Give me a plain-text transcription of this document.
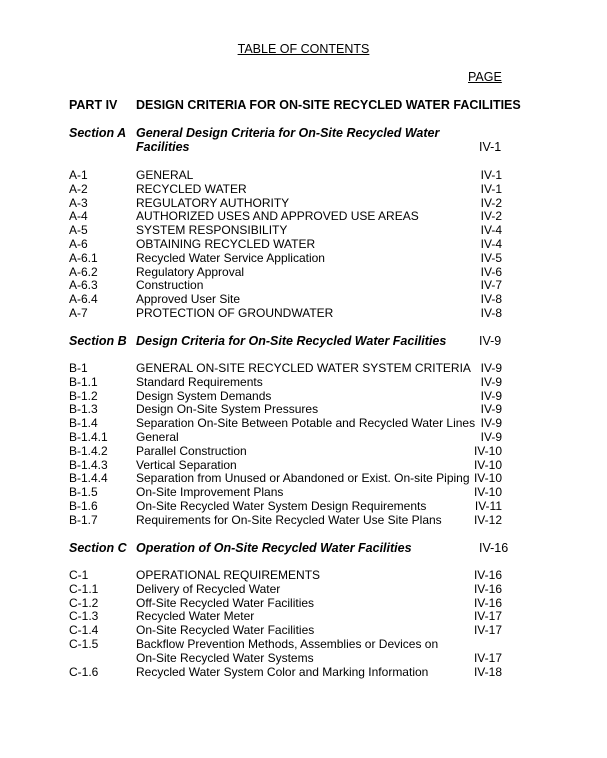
TABLE OF CONTENTS
PAGE
PART IV DESIGN CRITERIA FOR ON-SITE RECYCLED WATER FACILITIES
Section A General Design Criteria for On-Site Recycled Water
Facilities	IV-1
A-1	GENERAL	IV-1
A-2	RECYCLED WATER	IV-1
A-3	REGULATORY AUTHORITY	IV-2
A-4	AUTHORIZED USES AND APPROVED USE AREAS	IV-2
A-5	SYSTEM RESPONSIBILITY	IV-4
A-6	OBTAINING RECYCLED WATER	IV-4
A-6.1	Recycled Water Service Application	IV-5
A-6.2	Regulatory Approval	IV-6
A-6.3	Construction	IV-7
A-6.4	Approved User Site	IV-8
A-7	PROTECTION OF GROUNDWATER	IV-8
Section B Design Criteria for On-Site Recycled Water Facilities	IV-9
B-1	GENERAL ON-SITE RECYCLED WATER SYSTEM CRITERIA IV-9
B-1.1	Standard Requirements	IV-9
B-1.2	Design System Demands	IV-9
B-1.3	Design On-Site System Pressures	IV-9
B-1.4	Separation On-Site Between Potable and Recycled Water Lines IV-9
B-1.4.1 General	IV-9
B-1.4.2 Parallel Construction	IV-10
B-1.4.3 Vertical Separation	IV-10
B-1.4.4 Separation from Unused or Abandoned or Exist. On-site Piping IV-10
B-1.5	On-Site Improvement Plans	IV-10
B-1.6	On-Site Recycled Water System Design Requirements	IV-11
B-1.7	Requirements for On-Site Recycled Water Use Site Plans	IV-12
Section C Operation of On-Site Recycled Water Facilities	IV-16
C-1	OPERATIONAL REQUIREMENTS	IV-16
C-1.1	Delivery of Recycled Water	IV-16
C-1.2	Off-Site Recycled Water Facilities	IV-16
C-1.3	Recycled Water Meter	IV-17
C-1.4	On-Site Recycled Water Facilities	IV-17
C-1.5	Backflow Prevention Methods, Assemblies or Devices on
On-Site Recycled Water Systems	IV-17
C-1.6	Recycled Water System Color and Marking Information	IV-18
